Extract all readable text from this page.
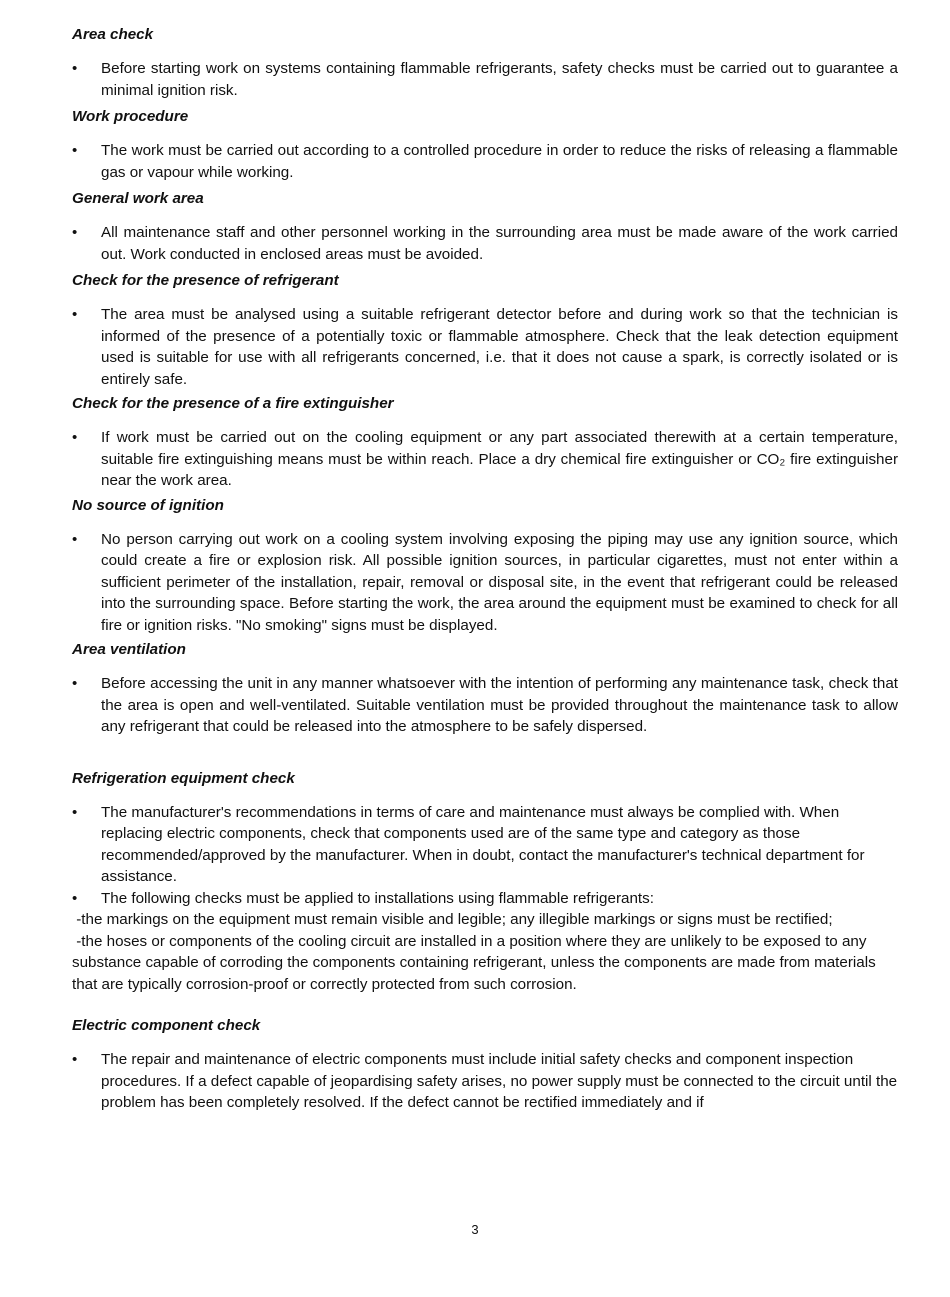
Area check

•	Before starting work on systems containing flammable refrigerants, safety checks must be carried out to guarantee a minimal ignition risk.

Work procedure

•	The work must be carried out according to a controlled procedure in order to reduce the risks of releasing a flammable gas or vapour while working.

General work area

•	All maintenance staff and other personnel working in the surrounding area must be made aware of the work carried out. Work conducted in enclosed areas must be avoided.

Check for the presence of refrigerant

•	The area must be analysed using a suitable refrigerant detector before and during work so that the technician is informed of the presence of a potentially toxic or flammable atmosphere. Check that the leak detection equipment used is suitable for use with all refrigerants concerned, i.e. that it does not cause a spark, is correctly isolated or is entirely safe.

Check for the presence of a fire extinguisher

•	If work must be carried out on the cooling equipment or any part associated therewith at a certain temperature, suitable fire extinguishing means must be within reach. Place a dry chemical fire extinguisher or CO₂ fire extinguisher near the work area.

No source of ignition

•	No person carrying out work on a cooling system involving exposing the piping may use any ignition source, which could create a fire or explosion risk. All possible ignition sources, in particular cigarettes, must not enter within a sufficient perimeter of the installation, repair, removal or disposal site, in the event that refrigerant could be released into the surrounding space. Before starting the work, the area around the equipment must be examined to check for all fire or ignition risks. "No smoking" signs must be displayed.

Area ventilation

•	Before accessing the unit in any manner whatsoever with the intention of performing any maintenance task, check that the area is open and well-ventilated. Suitable ventilation must be provided throughout the maintenance task to allow any refrigerant that could be released into the atmosphere to be safely dispersed.

Refrigeration equipment check

•	The manufacturer's recommendations in terms of care and maintenance must always be complied with. When replacing electric components, check that components used are of the same type and category as those recommended/approved by the manufacturer. When in doubt, contact the manufacturer's technical department for assistance.
•	The following checks must be applied to installations using flammable refrigerants:

-the markings on the equipment must remain visible and legible; any illegible markings or signs must be rectified;

-the hoses or components of the cooling circuit are installed in a position where they are unlikely to be exposed to any substance capable of corroding the components containing refrigerant, unless the components are made from materials that are typically corrosion-proof or correctly protected from such corrosion.

Electric component check

•	The repair and maintenance of electric components must include initial safety checks and component inspection procedures. If a defect capable of jeopardising safety arises, no power supply must be connected to the circuit until the problem has been completely resolved. If the defect cannot be rectified immediately and if
3
